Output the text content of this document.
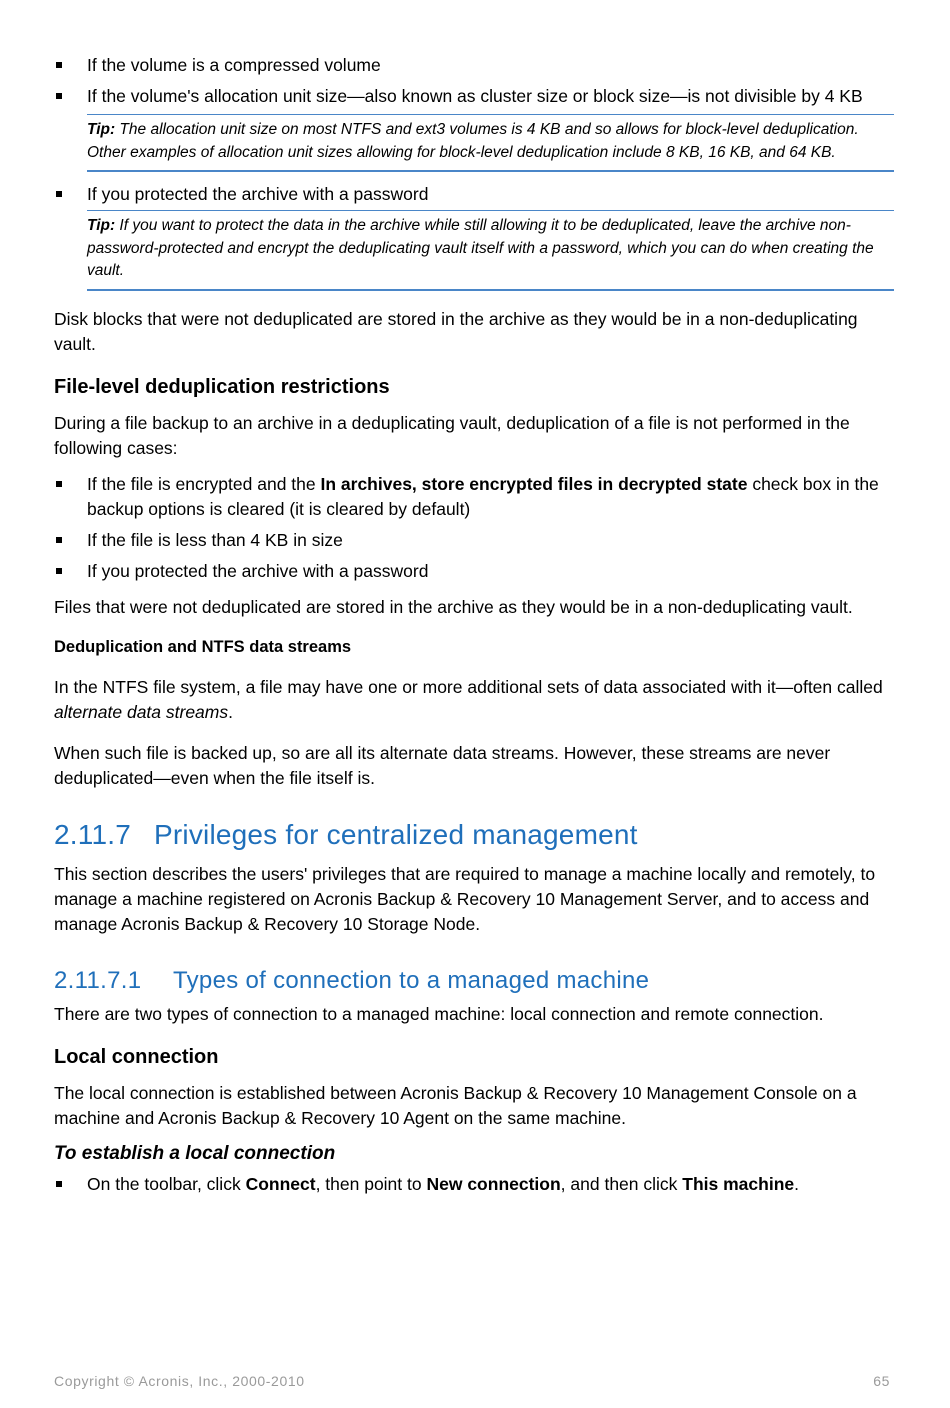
If the volume is a compressed volume
If the volume's allocation unit size—also known as cluster size or block size—is not divisible by 4 KB
Tip: The allocation unit size on most NTFS and ext3 volumes is 4 KB and so allows for block-level deduplication. Other examples of allocation unit sizes allowing for block-level deduplication include 8 KB, 16 KB, and 64 KB.
If you protected the archive with a password
Tip: If you want to protect the data in the archive while still allowing it to be deduplicated, leave the archive non-password-protected and encrypt the deduplicating vault itself with a password, which you can do when creating the vault.

Disk blocks that were not deduplicated are stored in the archive as they would be in a non-deduplicating vault.

File-level deduplication restrictions

During a file backup to an archive in a deduplicating vault, deduplication of a file is not performed in the following cases:

If the file is encrypted and the In archives, store encrypted files in decrypted state check box in the backup options is cleared (it is cleared by default)
If the file is less than 4 KB in size
If you protected the archive with a password

Files that were not deduplicated are stored in the archive as they would be in a non-deduplicating vault.

Deduplication and NTFS data streams

In the NTFS file system, a file may have one or more additional sets of data associated with it—often called alternate data streams.

When such file is backed up, so are all its alternate data streams. However, these streams are never deduplicated—even when the file itself is.

2.11.7 Privileges for centralized management

This section describes the users' privileges that are required to manage a machine locally and remotely, to manage a machine registered on Acronis Backup & Recovery 10 Management Server, and to access and manage Acronis Backup & Recovery 10 Storage Node.

2.11.7.1 Types of connection to a managed machine

There are two types of connection to a managed machine: local connection and remote connection.

Local connection

The local connection is established between Acronis Backup & Recovery 10 Management Console on a machine and Acronis Backup & Recovery 10 Agent on the same machine.

To establish a local connection
On the toolbar, click Connect, then point to New connection, and then click This machine.
Copyright © Acronis, Inc., 2000-2010	65
